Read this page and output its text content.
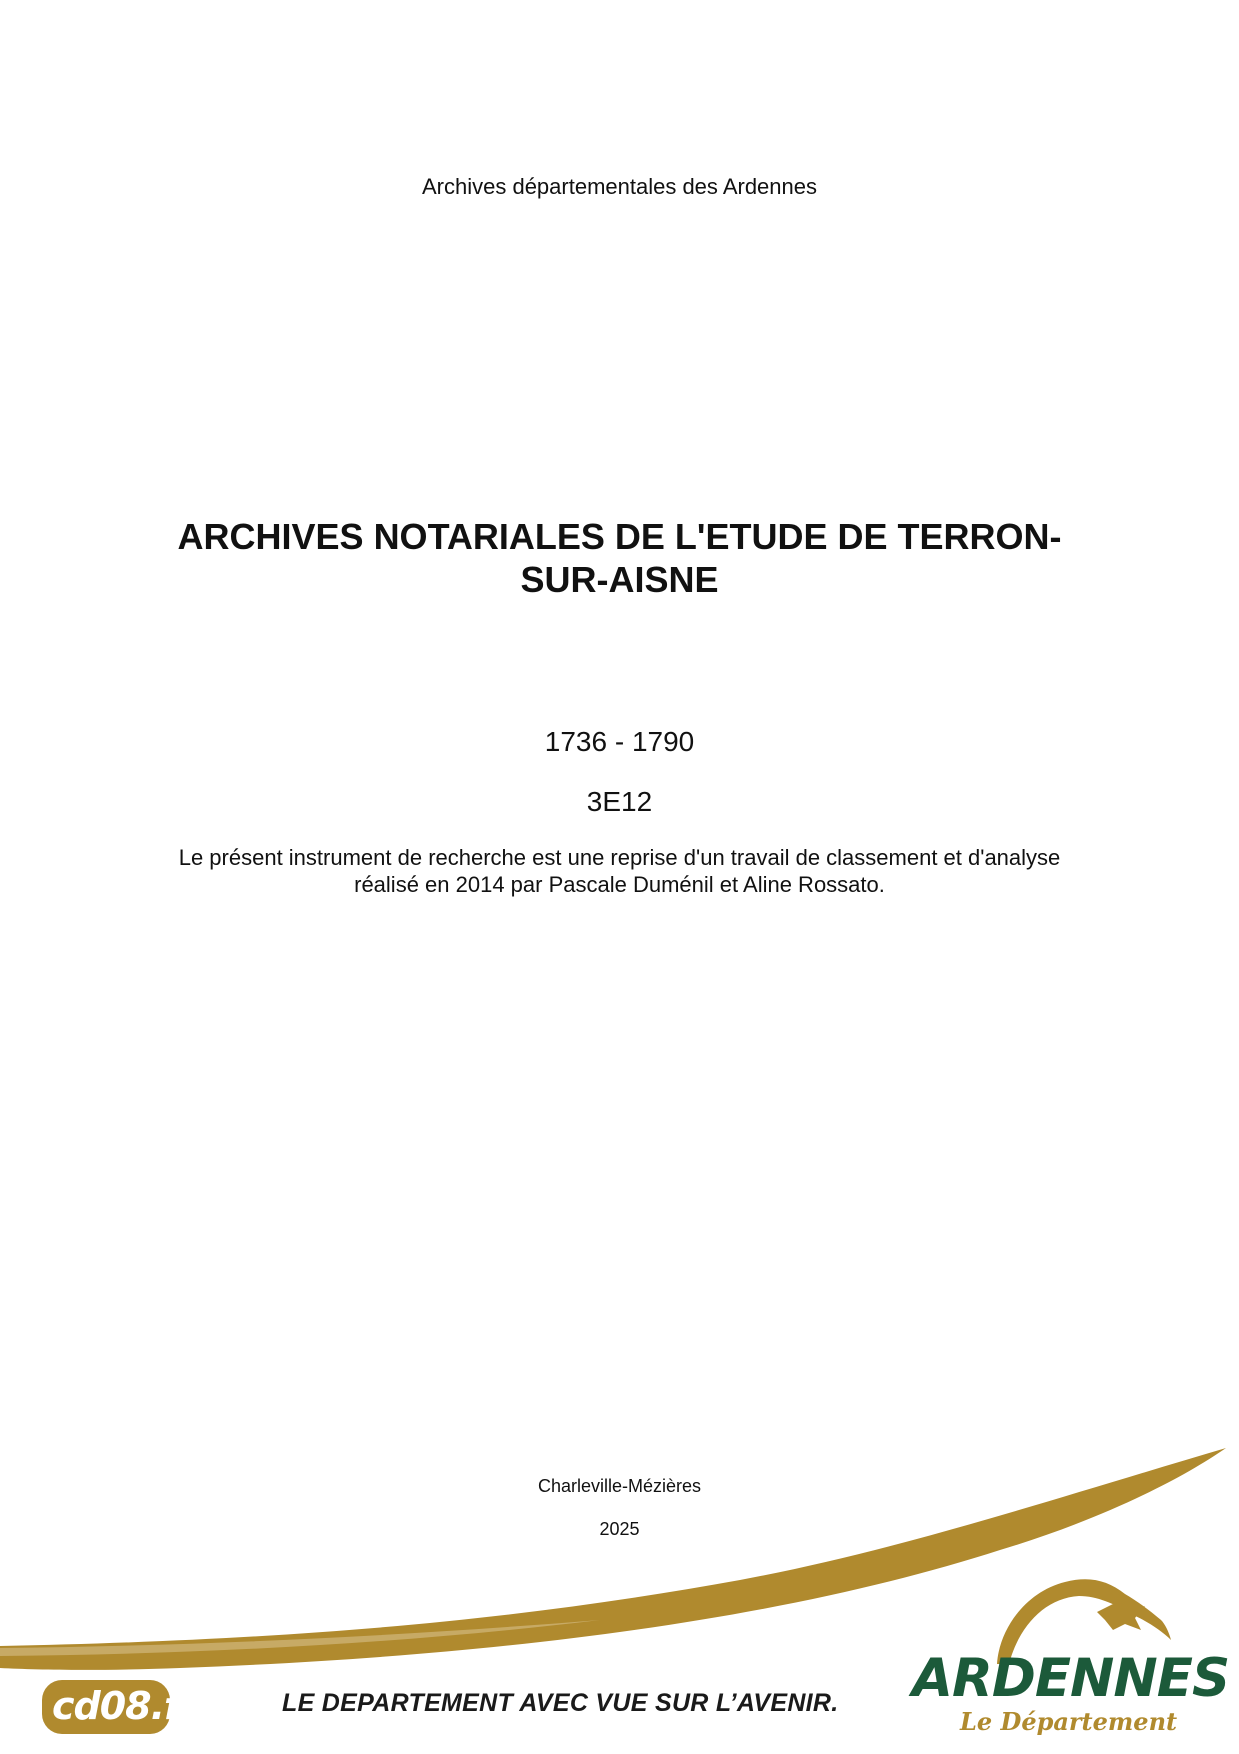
Archives départementales des Ardennes
ARCHIVES NOTARIALES DE L'ETUDE DE TERRON-SUR-AISNE
1736 - 1790
3E12
Le présent instrument de recherche est une reprise d'un travail de classement et d'analyse réalisé en 2014 par Pascale Duménil et Aline Rossato.
Charleville-Mézières
2025
cd08.fr	LE DEPARTEMENT AVEC VUE SUR L’AVENIR. ARDENNES
Le Département
